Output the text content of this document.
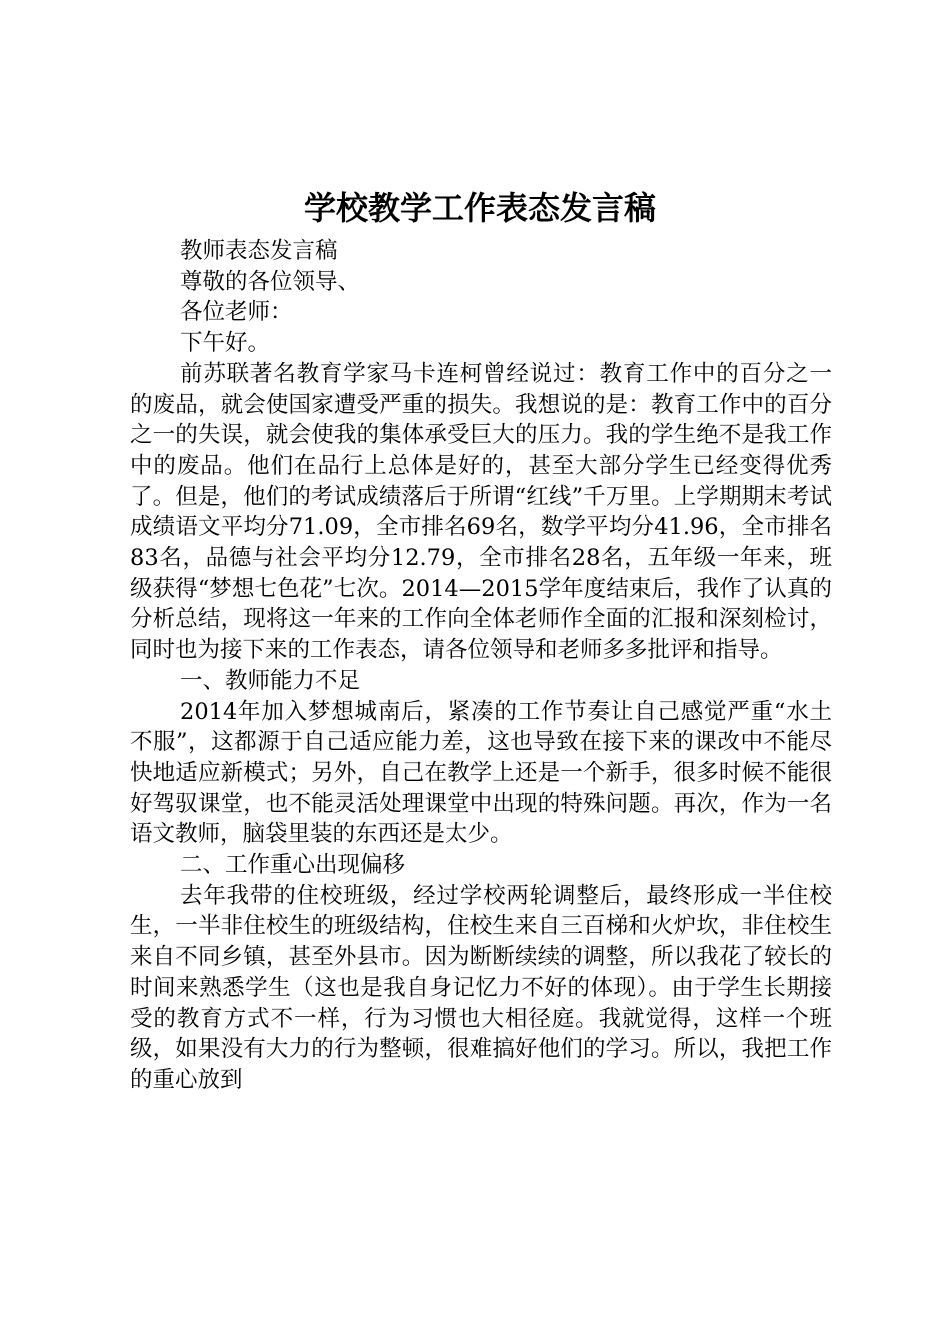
学校教学工作表态发言稿

教师表态发言稿

尊敬的各位领导、

各位老师：

下午好。

前苏联著名教育学家马卡连柯曾经说过：教育工作中的百分之一的废品，就会使国家遭受严重的损失。我想说的是：教育工作中的百分之一的失误，就会使我的集体承受巨大的压力。我的学生绝不是我工作中的废品。他们在品行上总体是好的，甚至大部分学生已经变得优秀了。但是，他们的考试成绩落后于所谓“红线”千万里。上学期期末考试成绩语文平均分71.09，全市排名69名，数学平均分41.96，全市排名83名，品德与社会平均分12.79，全市排名28名，五年级一年来，班级获得“梦想七色花”七次。2014—2015学年度结束后，我作了认真的分析总结，现将这一年来的工作向全体老师作全面的汇报和深刻检讨，同时也为接下来的工作表态，请各位领导和老师多多批评和指导。

一、教师能力不足

2014年加入梦想城南后，紧凑的工作节奏让自己感觉严重“水土不服”，这都源于自己适应能力差，这也导致在接下来的课改中不能尽快地适应新模式；另外，自己在教学上还是一个新手，很多时候不能很好驾驭课堂，也不能灵活处理课堂中出现的特殊问题。再次，作为一名语文教师，脑袋里装的东西还是太少。

二、工作重心出现偏移

去年我带的住校班级，经过学校两轮调整后，最终形成一半住校生，一半非住校生的班级结构，住校生来自三百梯和火炉坎，非住校生来自不同乡镇，甚至外县市。因为断断续续的调整，所以我花了较长的时间来熟悉学生（这也是我自身记忆力不好的体现）。由于学生长期接受的教育方式不一样，行为习惯也大相径庭。我就觉得，这样一个班级，如果没有大力的行为整顿，很难搞好他们的学习。所以，我把工作的重心放到
